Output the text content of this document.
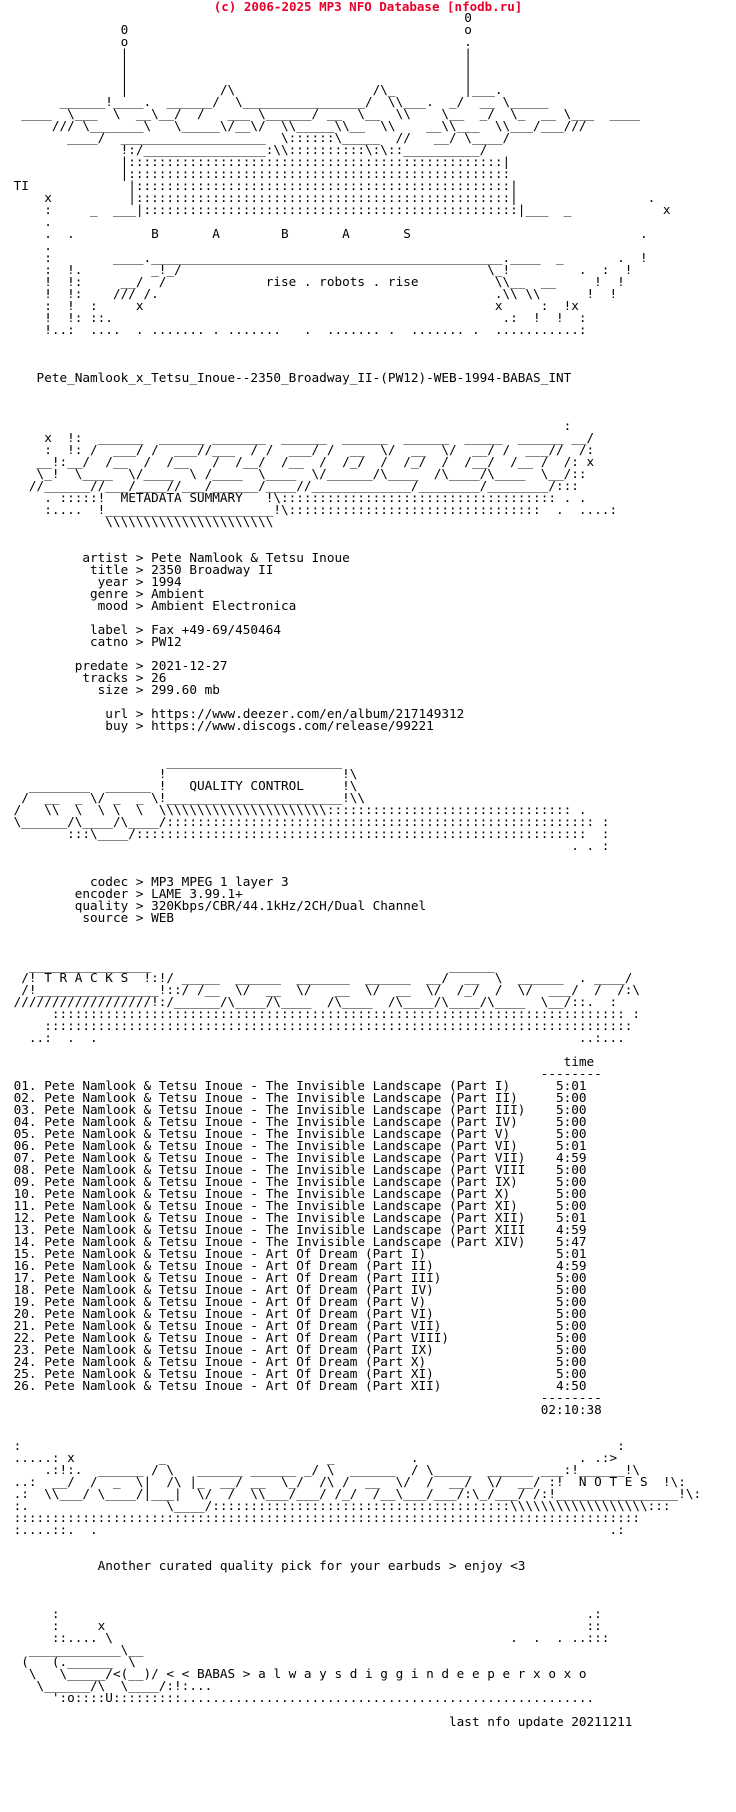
(c) 2006-2025 MP3 NFO Database [nfodb.ru]
0
0                                            o
o                                            .
|                                            |
|                                            |
|                                            |
|            /\                  /\_         |___.
______!____.  ______/  \________________/  \\___.  _/  __ \_____
____  \___  \  __\__/  /   ___ \______/ __  \__  \\    \__  _/  \_  __ \___  ____
/// \_______\   \_____\/__\/  \\_____\\__  \\    __\\___  \\___/___///
____/  ___________________  \::::::\_____  //   __/ \____/
!:/________________:\\::::::::::\:\::__________/
|:::::::::::::::::::::::::::::::::::::::::::::::::|
|::::::::::::::::::::::::::::::::::::::::::::::::::
TI             |:::::::::::::::::::::::::::::::::::::::::::::::::|
x          |:::::::::::::::::::::::::::::::::::::::::::::::::|                 .
:     _  ___|:::::::::::::::::::::::::::::::::::::::::::::::::|___  _            x
.
.  .          B       A        B       A       S                              .
.
:        ____.______________________________________________.____  _       .  !
:  !.         _!_/                                        \_!         .  :  !
!  !:     __/  /             rise . robots . rise          \\__  __     !  !
!  !:    /// /.                                            .\\ \\      !  !
:  !  :     x                                              x     :  !x
!  !: ::.                                                   .:  !  !  :
!..:  ....  . ....... . .......   .  ....... .  ....... .  ...........:

Pete_Namlook_x_Tetsu_Inoue--2350_Broadway_II-(PW12)-WEB-1994-BABAS_INT

:
x  !:  ______  ______ _______  ______  ______  ______  _____  ______ __/
:  !: /  ___/ /  ___//___  / /  ___/ /  __  \/  __  \/  __/ /  ___//  /:
__!:__/  /__  /  /__   /  /__/  /__  /  /_/  /  /_/  /  /__/  /__ /  /: x
\_!  \____  \/____  \ /____  \____  \/______/\____  /\____/\____  \__/::
//______//___/____//___/______/____//_____________/________/________/:::
. :::::!  METADATA SUMMARY   !\:::::::::::::::::::::::::::::::::::: . .
:....  !______________________!\:::::::::::::::::::::::::::::::::  .  ....:
\\\\\\\\\\\\\\\\\\\\\\

artist > Pete Namlook & Tetsu Inoue
title > 2350 Broadway II
year > 1994
genre > Ambient
mood > Ambient Electronica

label > Fax +49-69/450464
catno > PW12

predate > 2021-12-27
tracks > 26
size > 299.60 mb

url > https://www.deezer.com/en/album/217149312
buy > https://www.discogs.com/release/99221

_______________________
!                       !\
________  ______ !   QUALITY CONTROL     !\
/  __  _ \/ _  _ \!_______________________!\\
/   \\  \  \ \  \  \\\\\\\\\\\\\\\\\\\\\\:::::::::::::::::::::::::::::::: .
\______/\____/\____/:::::::::::::::::::::::::::::::::::::::::::::::::::::::: :
:::\____/:::::::::::::::::::::::::::::::::::::::::::::::::::::::::::  :
. . :

codec > MP3 MPEG 1 layer 3
encoder > LAME 3.99.1+
quality > 320Kbps/CBR/44.1kHz/2CH/Dual Channel
source > WEB

________________                                       ______
/! T R A C K S  !:!/ _____  ______  _______  ______  __/  __  \  ______  . ____/
/!________________!::/ /__  \/  __  \/   __  \/  __  \/  /_/  /  \/  ___/  /  /:\
//////////////////!:/______/\____/\____  /\____  /\____/\____/\____  \__/::.  :
::::::::::::::::::::::::::::::::::::::::::::::::::::::::::::::::::::::::::: :
:::::::::::::::::::::::::::::::::::::::::::::::::::::::::::::::::::::::::::::
..:  .  .                                                               ..:...

time
--------
01. Pete Namlook & Tetsu Inoue - The Invisible Landscape (Part I)      5:01
02. Pete Namlook & Tetsu Inoue - The Invisible Landscape (Part II)     5:00
03. Pete Namlook & Tetsu Inoue - The Invisible Landscape (Part III)    5:00
04. Pete Namlook & Tetsu Inoue - The Invisible Landscape (Part IV)     5:00
05. Pete Namlook & Tetsu Inoue - The Invisible Landscape (Part V)      5:00
06. Pete Namlook & Tetsu Inoue - The Invisible Landscape (Part VI)     5:01
07. Pete Namlook & Tetsu Inoue - The Invisible Landscape (Part VII)    4:59
08. Pete Namlook & Tetsu Inoue - The Invisible Landscape (Part VIII    5:00
09. Pete Namlook & Tetsu Inoue - The Invisible Landscape (Part IX)     5:00
10. Pete Namlook & Tetsu Inoue - The Invisible Landscape (Part X)      5:00
11. Pete Namlook & Tetsu Inoue - The Invisible Landscape (Part XI)     5:00
12. Pete Namlook & Tetsu Inoue - The Invisible Landscape (Part XII)    5:01
13. Pete Namlook & Tetsu Inoue - The Invisible Landscape (Part XIII    4:59
14. Pete Namlook & Tetsu Inoue - The Invisible Landscape (Part XIV)    5:47
15. Pete Namlook & Tetsu Inoue - Art Of Dream (Part I)                 5:01
16. Pete Namlook & Tetsu Inoue - Art Of Dream (Part II)                4:59
17. Pete Namlook & Tetsu Inoue - Art Of Dream (Part III)               5:00
18. Pete Namlook & Tetsu Inoue - Art Of Dream (Part IV)                5:00
19. Pete Namlook & Tetsu Inoue - Art Of Dream (Part V)                 5:00
20. Pete Namlook & Tetsu Inoue - Art Of Dream (Part VI)                5:00
21. Pete Namlook & Tetsu Inoue - Art Of Dream (Part VII)               5:00
22. Pete Namlook & Tetsu Inoue - Art Of Dream (Part VIII)              5:00
23. Pete Namlook & Tetsu Inoue - Art Of Dream (Part IX)                5:00
24. Pete Namlook & Tetsu Inoue - Art Of Dream (Part X)                 5:00
25. Pete Namlook & Tetsu Inoue - Art Of Dream (Part XI)                5:00
26. Pete Namlook & Tetsu Inoue - Art Of Dream (Part XII)               4:50
--------
02:10:38

:                                                                              :
.....: x           _                     _          .                     . .:>
.:!:.  ______ / \   ______ ______ _/ \  ______  / \_____  ______ ___:!______!\
..:  __/  /  _  \|  /\ |_  __/ __  \_/  /\ /  __  \/  /  __/  \/  __/ :!  N O T E S  !\:
.:  \\___/ \____/|___|  \/  /  \\___/___/ /_/  /__\___/___/:\_/___/ /:!________________!\:
:.                  \____/:::::::::::::::::::::::::::::::::::::::\\\\\\\\\\\\\\\\\\:::
::::::::::::::::::::::::::::::::::::::::::::::::::::::::::::::::::::::::::::::::::
:....::.  .                                                                   .:

Another curated quality pick for your earbuds > enjoy <3

:                                                                     .:
:     x                                                               ::
::.... \                                                    .  .  . ..:::
____________\__
(   (.______  \
\   \_____/<(__)/ < < BABAS > a l w a y s d i g g i n d e e p e r x o x o
\______/\  \____/:!:...
':o::::U:::::::::......................................................

last nfo update 20211211
